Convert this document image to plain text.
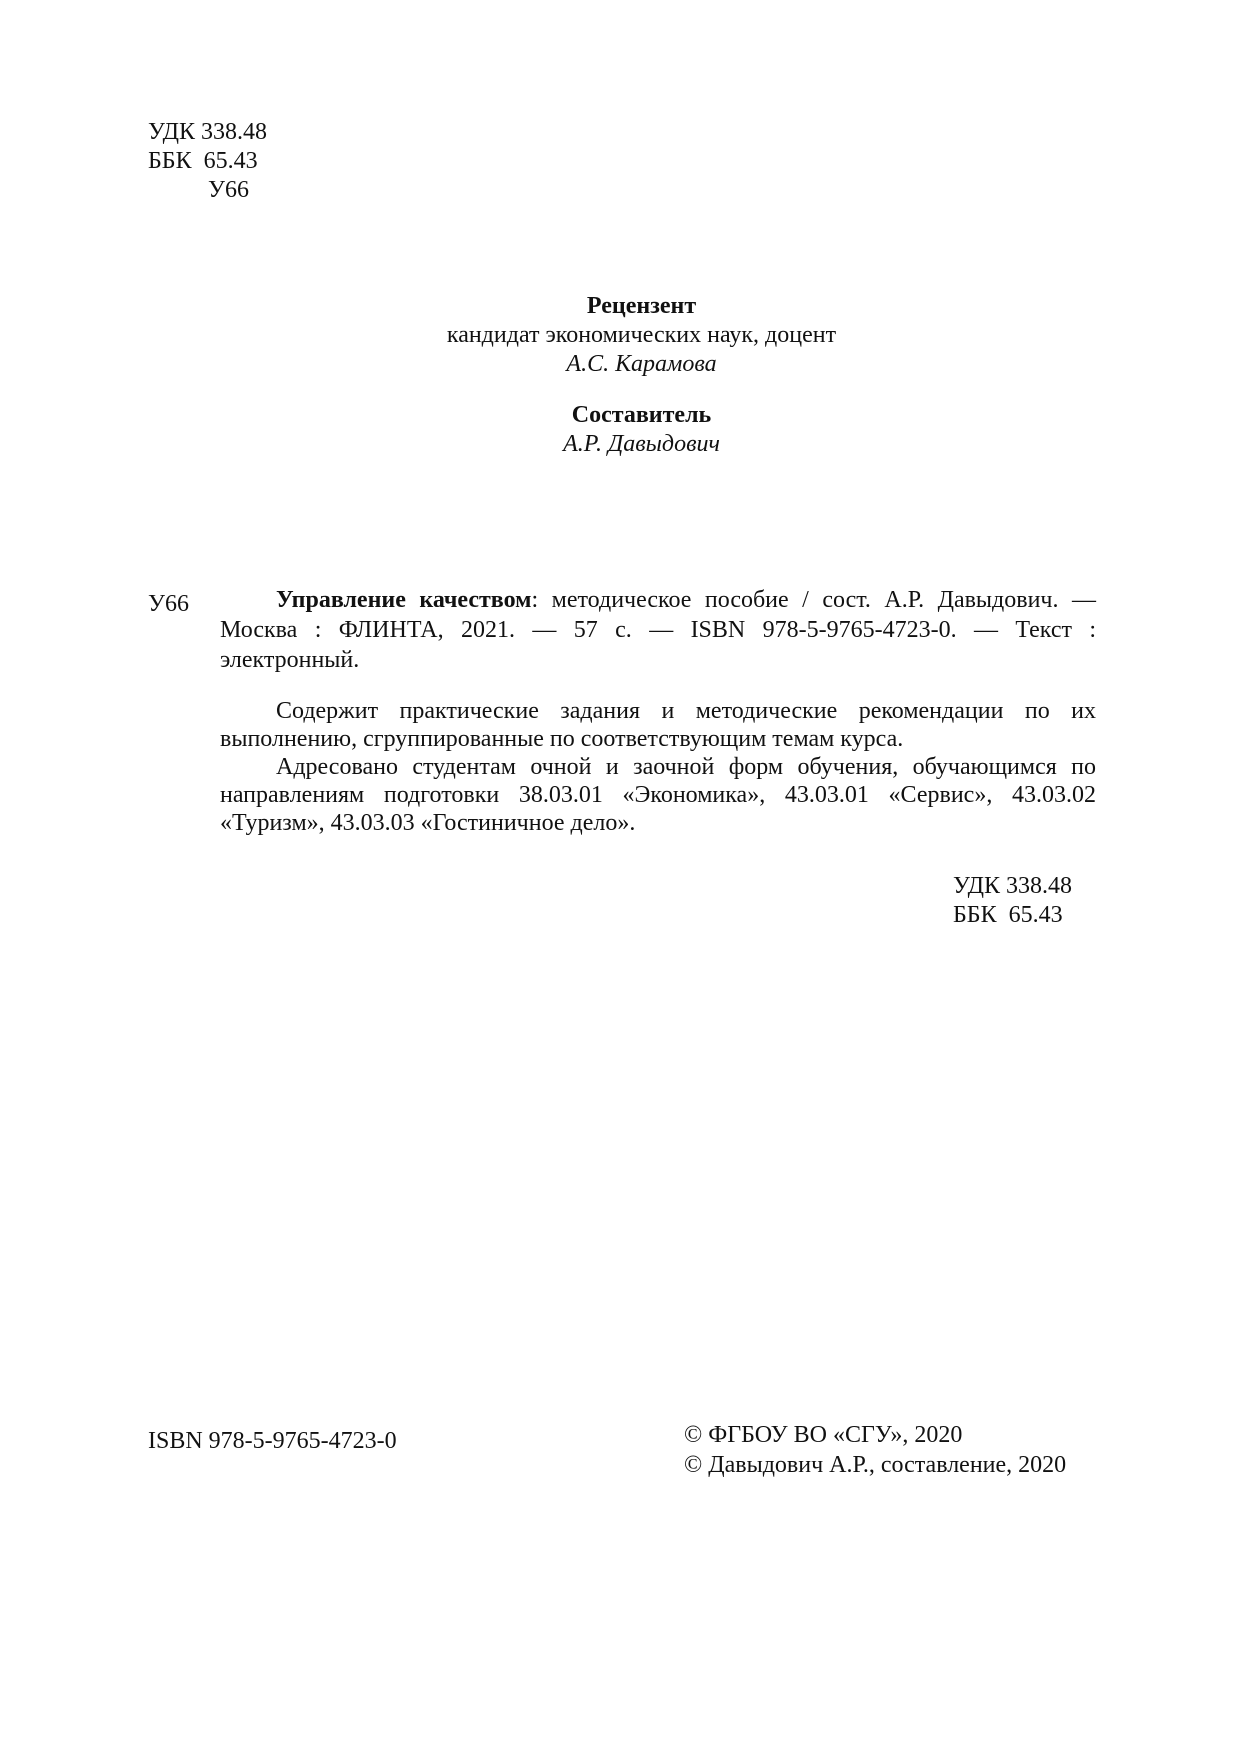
УДК 338.48
ББК  65.43
У66
Рецензент
кандидат экономических наук, доцент
А.С. Карамова
Составитель
А.Р. Давыдович
У66	Управление качеством: методическое пособие / сост. А.Р. Давыдович. — Москва : ФЛИНТА, 2021. — 57 с. — ISBN 978-5-9765-4723-0. — Текст : электронный.

Содержит практические задания и методические рекомендации по их выполнению, сгруппированные по соответствующим темам курса.

Адресовано студентам очной и заочной форм обучения, обучающимся по направлениям подготовки 38.03.01 «Экономика», 43.03.01 «Сервис», 43.03.02 «Туризм», 43.03.03 «Гостиничное дело».

УДК 338.48
ББК  65.43
ISBN 978-5-9765-4723-0	© ФГБОУ ВО «СГУ», 2020
© Давыдович А.Р., составление, 2020
